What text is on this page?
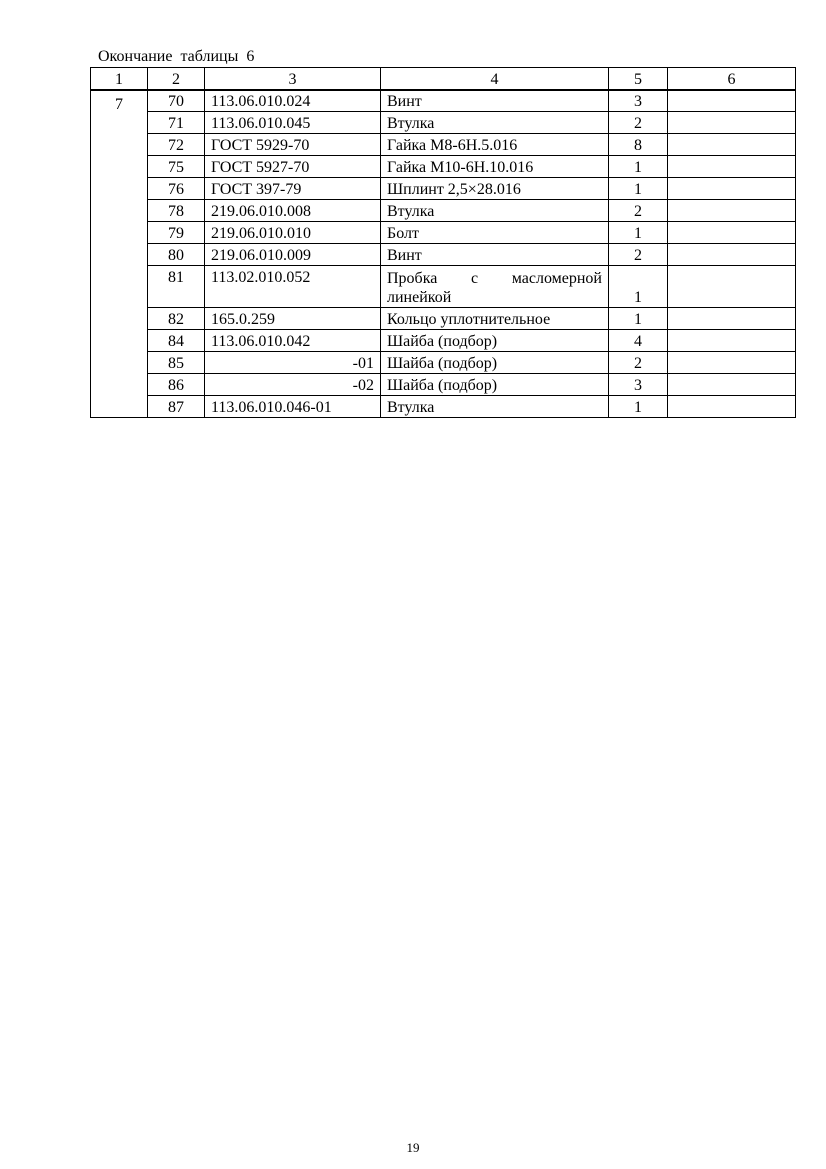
Окончание  таблицы  6
1	2	3	4	5	6
7	70	113.06.010.024	Винт	3	
	71	113.06.010.045	Втулка	2	
	72	ГОСТ 5929-70	Гайка М8-6Н.5.016	8	
	75	ГОСТ 5927-70	Гайка М10-6Н.10.016	1	
	76	ГОСТ 397-79	Шплинт 2,5×28.016	1	
	78	219.06.010.008	Втулка	2	
	79	219.06.010.010	Болт	1	
	80	219.06.010.009	Винт	2	
	81	113.02.010.052	Пробка с масломерной линейкой	1	
	82	165.0.259	Кольцо уплотнительное	1	
	84	113.06.010.042	Шайба (подбор)	4	
	85	-01	Шайба (подбор)	2	
	86	-02	Шайба (подбор)	3	
	87	113.06.010.046-01	Втулка	1	
19
